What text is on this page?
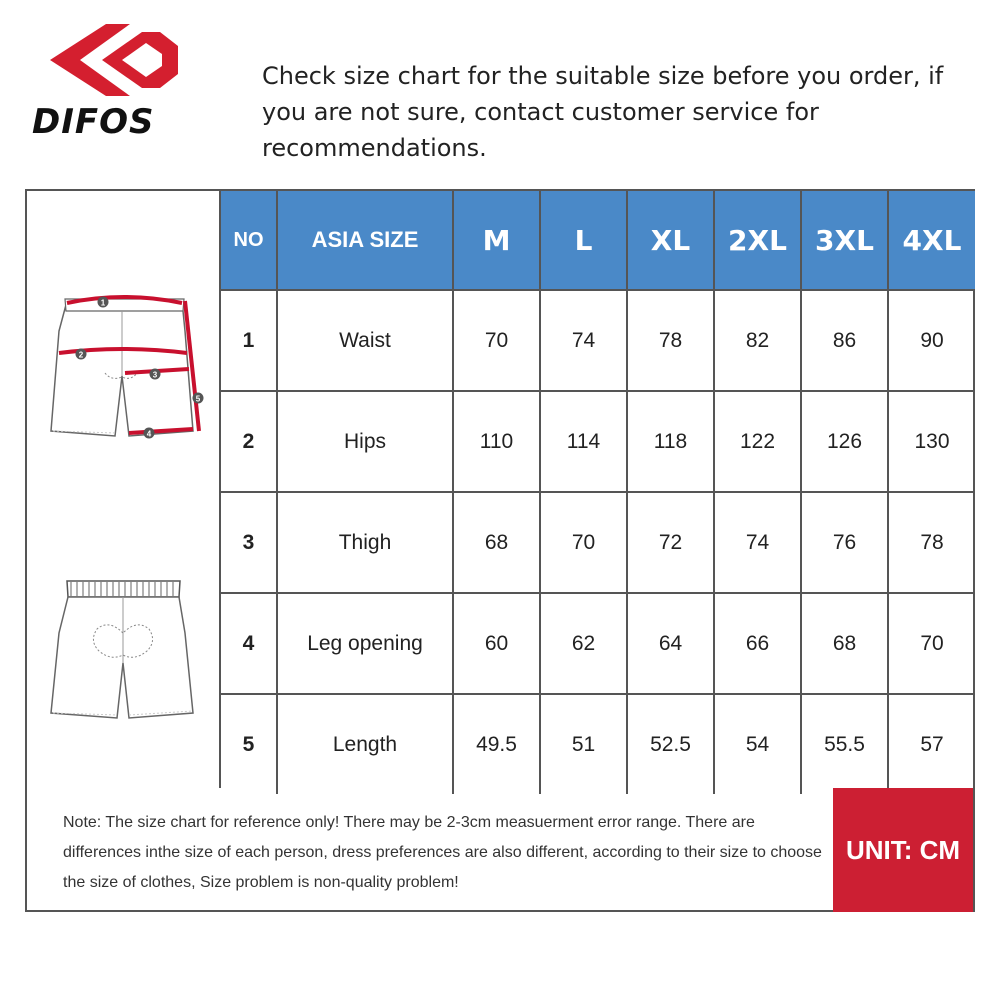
DIFOS
Check size chart for the suitable size before you order, if you are not sure, contact customer service for recommendations.
1
2
3
4
5
NO	ASIA SIZE	M	L	XL	2XL	3XL	4XL
1	Waist	70	74	78	82	86	90
2	Hips	110	114	118	122	126	130
3	Thigh	68	70	72	74	76	78
4	Leg opening	60	62	64	66	68	70
5	Length	49.5	51	52.5	54	55.5	57
Note: The size chart for reference only! There may be 2-3cm measuerment error range. There are differences inthe size of each person, dress preferences are also different, according to their size to choose the size of clothes, Size problem is non-quality problem!
UNIT: CM
